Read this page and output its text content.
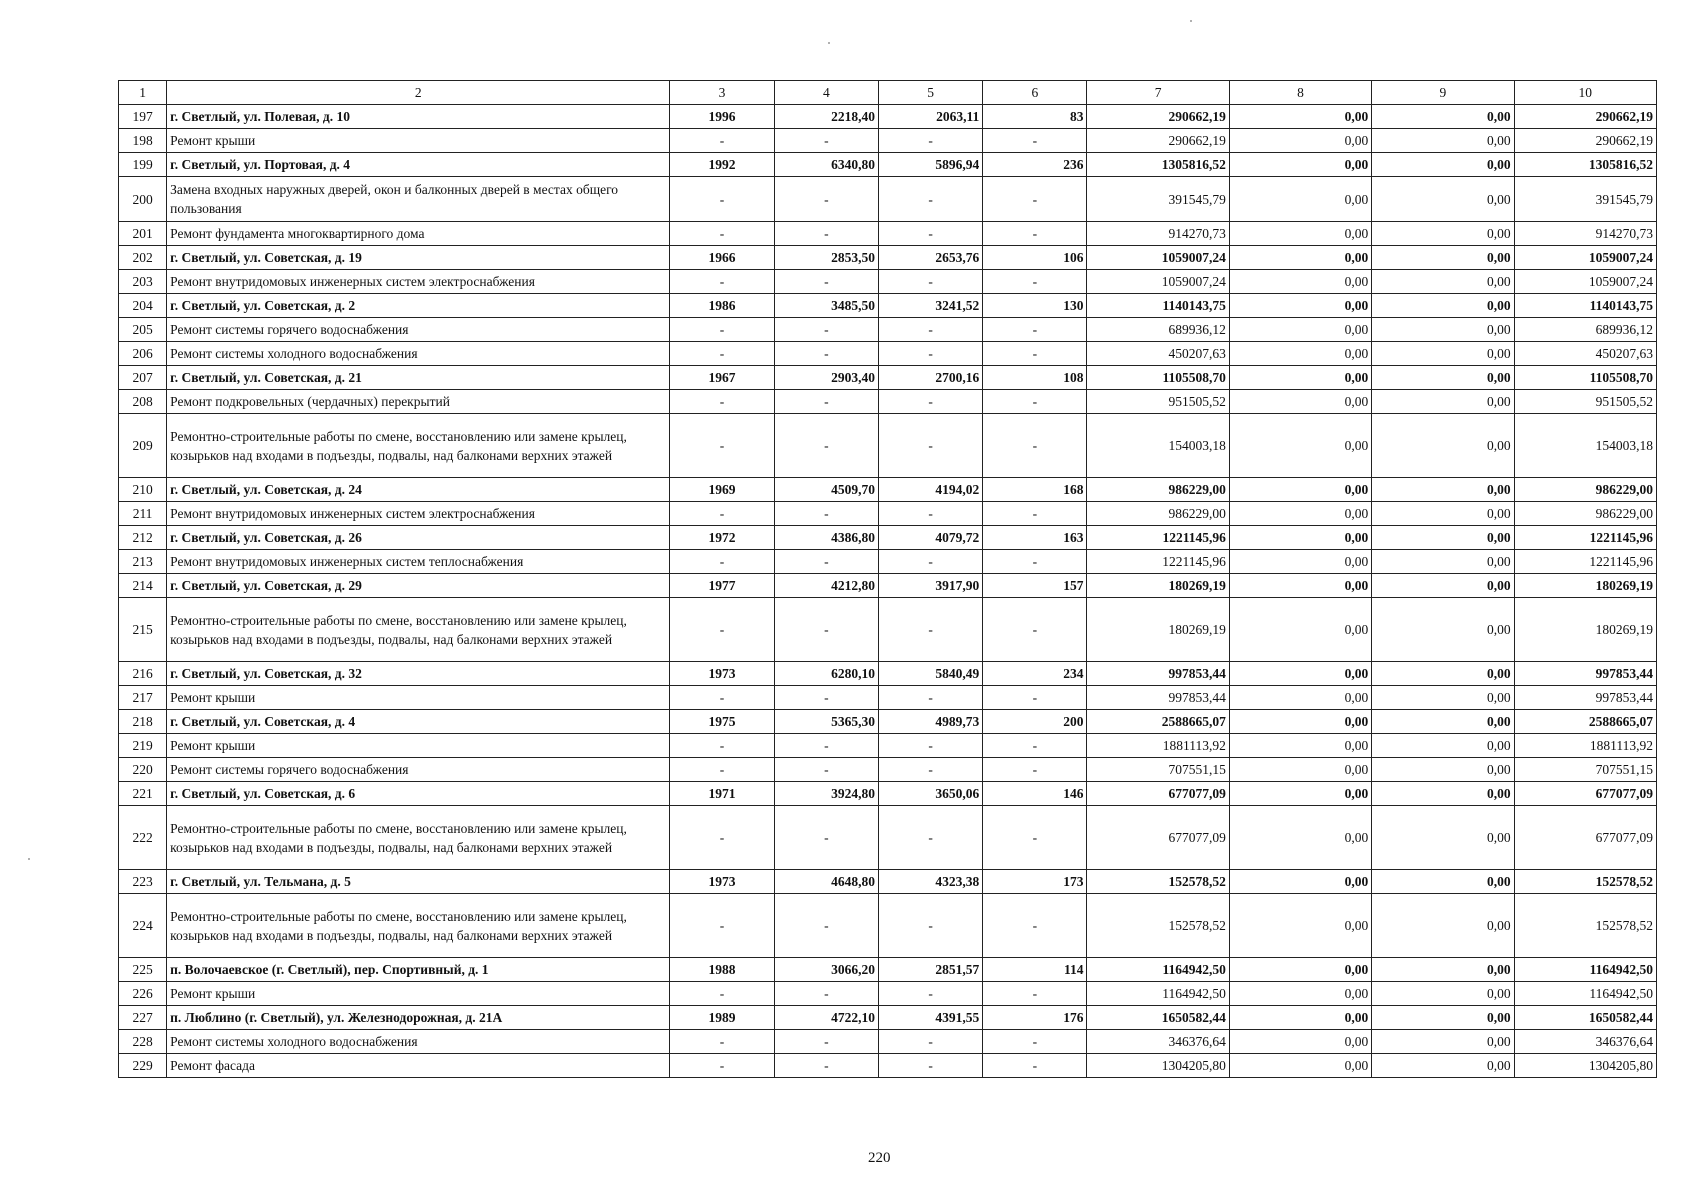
1	2	3	4	5	6	7	8	9	10
197	г. Светлый, ул. Полевая, д. 10	1996	2218,40	2063,11	83	290662,19	0,00	0,00	290662,19
198	Ремонт крыши	-	-	-	-	290662,19	0,00	0,00	290662,19
199	г. Светлый, ул. Портовая, д. 4	1992	6340,80	5896,94	236	1305816,52	0,00	0,00	1305816,52
200	Замена входных наружных дверей, окон и балконных дверей в местах общего пользования	-	-	-	-	391545,79	0,00	0,00	391545,79
201	Ремонт фундамента многоквартирного дома	-	-	-	-	914270,73	0,00	0,00	914270,73
202	г. Светлый, ул. Советская, д. 19	1966	2853,50	2653,76	106	1059007,24	0,00	0,00	1059007,24
203	Ремонт внутридомовых инженерных систем электроснабжения	-	-	-	-	1059007,24	0,00	0,00	1059007,24
204	г. Светлый, ул. Советская, д. 2	1986	3485,50	3241,52	130	1140143,75	0,00	0,00	1140143,75
205	Ремонт системы горячего водоснабжения	-	-	-	-	689936,12	0,00	0,00	689936,12
206	Ремонт системы холодного водоснабжения	-	-	-	-	450207,63	0,00	0,00	450207,63
207	г. Светлый, ул. Советская, д. 21	1967	2903,40	2700,16	108	1105508,70	0,00	0,00	1105508,70
208	Ремонт подкровельных (чердачных) перекрытий	-	-	-	-	951505,52	0,00	0,00	951505,52
209	Ремонтно-строительные работы по смене, восстановлению или замене крылец, козырьков над входами в подъезды, подвалы, над балконами верхних этажей	-	-	-	-	154003,18	0,00	0,00	154003,18
210	г. Светлый, ул. Советская, д. 24	1969	4509,70	4194,02	168	986229,00	0,00	0,00	986229,00
211	Ремонт внутридомовых инженерных систем электроснабжения	-	-	-	-	986229,00	0,00	0,00	986229,00
212	г. Светлый, ул. Советская, д. 26	1972	4386,80	4079,72	163	1221145,96	0,00	0,00	1221145,96
213	Ремонт внутридомовых инженерных систем теплоснабжения	-	-	-	-	1221145,96	0,00	0,00	1221145,96
214	г. Светлый, ул. Советская, д. 29	1977	4212,80	3917,90	157	180269,19	0,00	0,00	180269,19
215	Ремонтно-строительные работы по смене, восстановлению или замене крылец, козырьков над входами в подъезды, подвалы, над балконами верхних этажей	-	-	-	-	180269,19	0,00	0,00	180269,19
216	г. Светлый, ул. Советская, д. 32	1973	6280,10	5840,49	234	997853,44	0,00	0,00	997853,44
217	Ремонт крыши	-	-	-	-	997853,44	0,00	0,00	997853,44
218	г. Светлый, ул. Советская, д. 4	1975	5365,30	4989,73	200	2588665,07	0,00	0,00	2588665,07
219	Ремонт крыши	-	-	-	-	1881113,92	0,00	0,00	1881113,92
220	Ремонт системы горячего водоснабжения	-	-	-	-	707551,15	0,00	0,00	707551,15
221	г. Светлый, ул. Советская, д. 6	1971	3924,80	3650,06	146	677077,09	0,00	0,00	677077,09
222	Ремонтно-строительные работы по смене, восстановлению или замене крылец, козырьков над входами в подъезды, подвалы, над балконами верхних этажей	-	-	-	-	677077,09	0,00	0,00	677077,09
223	г. Светлый, ул. Тельмана, д. 5	1973	4648,80	4323,38	173	152578,52	0,00	0,00	152578,52
224	Ремонтно-строительные работы по смене, восстановлению или замене крылец, козырьков над входами в подъезды, подвалы, над балконами верхних этажей	-	-	-	-	152578,52	0,00	0,00	152578,52
225	п. Волочаевское (г. Светлый), пер. Спортивный, д. 1	1988	3066,20	2851,57	114	1164942,50	0,00	0,00	1164942,50
226	Ремонт крыши	-	-	-	-	1164942,50	0,00	0,00	1164942,50
227	п. Люблино (г. Светлый), ул. Железнодорожная, д. 21А	1989	4722,10	4391,55	176	1650582,44	0,00	0,00	1650582,44
228	Ремонт системы холодного водоснабжения	-	-	-	-	346376,64	0,00	0,00	346376,64
229	Ремонт фасада	-	-	-	-	1304205,80	0,00	0,00	1304205,80
220
